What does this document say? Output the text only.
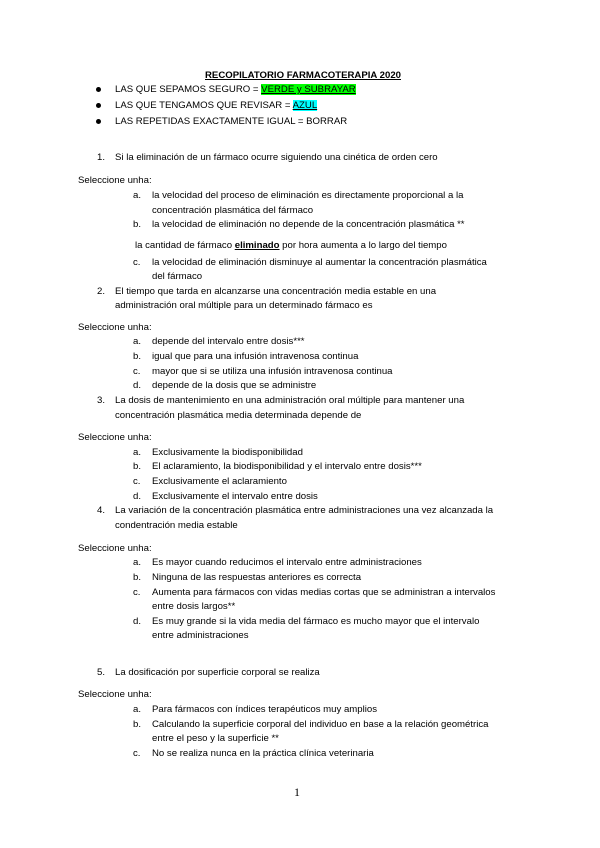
RECOPILATORIO FARMACOTERAPIA 2020
LAS QUE SEPAMOS SEGURO = VERDE y SUBRAYAR
LAS QUE TENGAMOS QUE REVISAR = AZUL
LAS REPETIDAS EXACTAMENTE IGUAL = BORRAR
1. Si la eliminación de un fármaco ocurre siguiendo una cinética de orden cero
Seleccione unha:
a. la velocidad del proceso de eliminación es directamente proporcional a la
concentración plasmática del fármaco
b. la velocidad de eliminación no depende de la concentración plasmática **
la cantidad de fármaco eliminado por hora aumenta a lo largo del tiempo
c. la velocidad de eliminación disminuye al aumentar la concentración plasmática
del fármaco
2. El tiempo que tarda en alcanzarse una concentración media estable en una
administración oral múltiple para un determinado fármaco es
Seleccione unha:
a. depende del intervalo entre dosis***
b. igual que para una infusión intravenosa continua
c. mayor que si se utiliza una infusión intravenosa continua
d. depende de la dosis que se administre
3. La dosis de mantenimiento en una administración oral múltiple para mantener una
concentración plasmática media determinada depende de
Seleccione unha:
a. Exclusivamente la biodisponibilidad
b. El aclaramiento, la biodisponibilidad y el intervalo entre dosis***
c. Exclusivamente el aclaramiento
d. Exclusivamente el intervalo entre dosis
4. La variación de la concentración plasmática entre administraciones una vez alcanzada la
condentración media estable
Seleccione unha:
a. Es mayor cuando reducimos el intervalo entre administraciones
b. Ninguna de las respuestas anteriores es correcta
c. Aumenta para fármacos con vidas medias cortas que se administran a intervalos
entre dosis largos**
d. Es muy grande si la vida media del fármaco es mucho mayor que el intervalo
entre administraciones
5. La dosificación por superficie corporal se realiza
Seleccione unha:
a. Para fármacos con índices terapéuticos muy amplios
b. Calculando la superficie corporal del individuo en base a la relación geométrica
entre el peso y la superficie **
c. No se realiza nunca en la práctica clínica veterinaria
1
